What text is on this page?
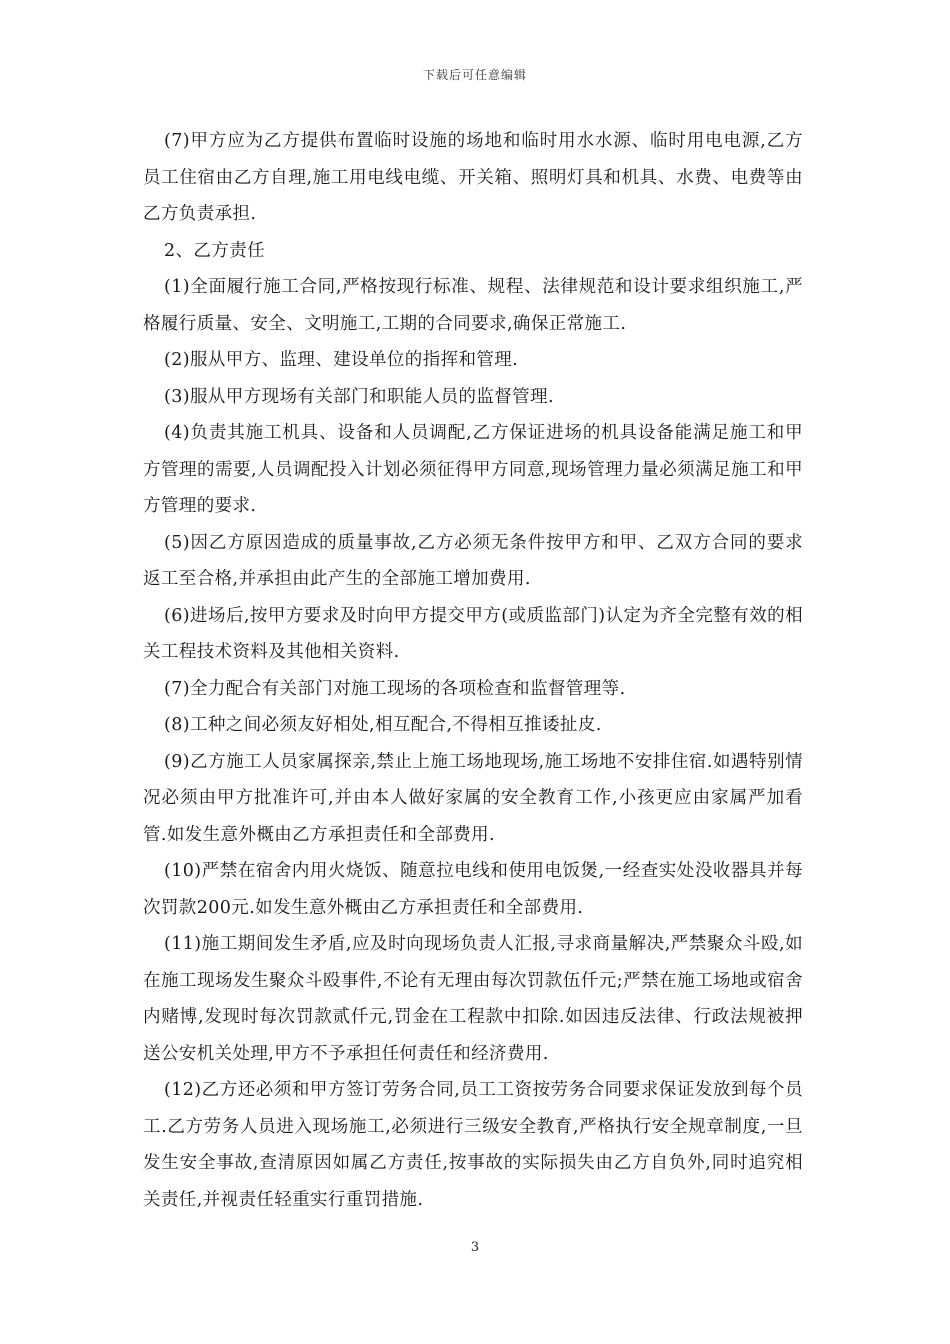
下载后可任意编辑

(7)甲方应为乙方提供布置临时设施的场地和临时用水水源、临时用电电源,乙方员工住宿由乙方自理,施工用电线电缆、开关箱、照明灯具和机具、水费、电费等由乙方负责承担.

2、乙方责任

(1)全面履行施工合同,严格按现行标准、规程、法律规范和设计要求组织施工,严格履行质量、安全、文明施工,工期的合同要求,确保正常施工.

(2)服从甲方、监理、建设单位的指挥和管理.

(3)服从甲方现场有关部门和职能人员的监督管理.

(4)负责其施工机具、设备和人员调配,乙方保证进场的机具设备能满足施工和甲方管理的需要,人员调配投入计划必须征得甲方同意,现场管理力量必须满足施工和甲方管理的要求.

(5)因乙方原因造成的质量事故,乙方必须无条件按甲方和甲、乙双方合同的要求返工至合格,并承担由此产生的全部施工增加费用.

(6)进场后,按甲方要求及时向甲方提交甲方(或质监部门)认定为齐全完整有效的相关工程技术资料及其他相关资料.

(7)全力配合有关部门对施工现场的各项检查和监督管理等.

(8)工种之间必须友好相处,相互配合,不得相互推诿扯皮.

(9)乙方施工人员家属探亲,禁止上施工场地现场,施工场地不安排住宿.如遇特别情况必须由甲方批准许可,并由本人做好家属的安全教育工作,小孩更应由家属严加看管.如发生意外概由乙方承担责任和全部费用.

(10)严禁在宿舍内用火烧饭、随意拉电线和使用电饭煲,一经查实处没收器具并每次罚款200元.如发生意外概由乙方承担责任和全部费用.

(11)施工期间发生矛盾,应及时向现场负责人汇报,寻求商量解决,严禁聚众斗殴,如在施工现场发生聚众斗殴事件,不论有无理由每次罚款伍仟元;严禁在施工场地或宿舍内赌博,发现时每次罚款贰仟元,罚金在工程款中扣除.如因违反法律、行政法规被押送公安机关处理,甲方不予承担任何责任和经济费用.

(12)乙方还必须和甲方签订劳务合同,员工工资按劳务合同要求保证发放到每个员工.乙方劳务人员进入现场施工,必须进行三级安全教育,严格执行安全规章制度,一旦发生安全事故,查清原因如属乙方责任,按事故的实际损失由乙方自负外,同时追究相关责任,并视责任轻重实行重罚措施.

3
